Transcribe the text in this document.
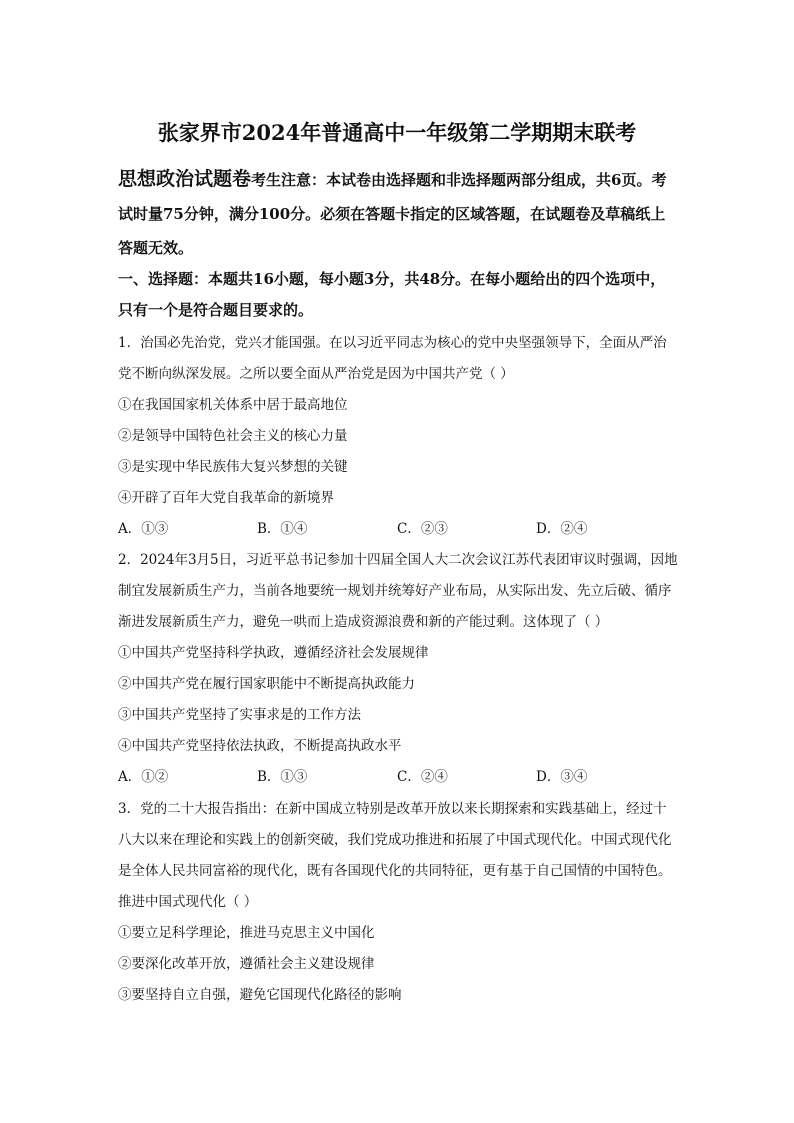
张家界市2024年普通高中一年级第二学期期末联考
思想政治试题卷考生注意：本试卷由选择题和非选择题两部分组成，共6页。考试时量75分钟，满分100分。必须在答题卡指定的区域答题，在试题卷及草稿纸上答题无效。
一、选择题：本题共16小题，每小题3分，共48分。在每小题给出的四个选项中，只有一个是符合题目要求的。

1．治国必先治党，党兴才能国强。在以习近平同志为核心的党中央坚强领导下，全面从严治党不断向纵深发展。之所以要全面从严治党是因为中国共产党（ ）

①在我国国家机关体系中居于最高地位

②是领导中国特色社会主义的核心力量

③是实现中华民族伟大复兴梦想的关键

④开辟了百年大党自我革命的新境界

A．①③	B．①④	C．②③	D．②④

2．2024年3月5日，习近平总书记参加十四届全国人大二次会议江苏代表团审议时强调，因地制宜发展新质生产力，当前各地要统一规划并统筹好产业布局，从实际出发、先立后破、循序渐进发展新质生产力，避免一哄而上造成资源浪费和新的产能过剩。这体现了（ ）

①中国共产党坚持科学执政，遵循经济社会发展规律

②中国共产党在履行国家职能中不断提高执政能力

③中国共产党坚持了实事求是的工作方法

④中国共产党坚持依法执政，不断提高执政水平

A．①②	B．①③	C．②④	D．③④

3．党的二十大报告指出：在新中国成立特别是改革开放以来长期探索和实践基础上，经过十八大以来在理论和实践上的创新突破，我们党成功推进和拓展了中国式现代化。中国式现代化是全体人民共同富裕的现代化，既有各国现代化的共同特征，更有基于自己国情的中国特色。推进中国式现代化（ ）

①要立足科学理论，推进马克思主义中国化

②要深化改革开放，遵循社会主义建设规律

③要坚持自立自强，避免它国现代化路径的影响
